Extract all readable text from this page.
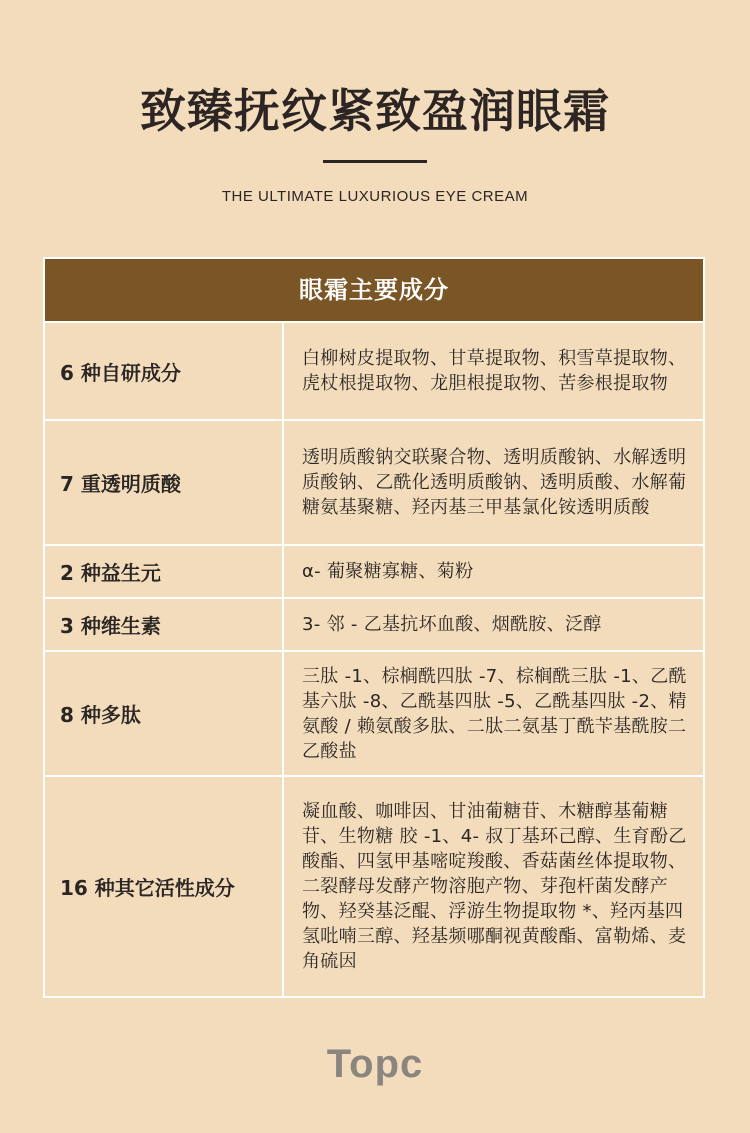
致臻抚纹紧致盈润眼霜
THE ULTIMATE LUXURIOUS EYE CREAM
眼霜主要成分
6 种自研成分
白柳树皮提取物、甘草提取物、积雪草提取物、虎杖根提取物、龙胆根提取物、苦参根提取物
7 重透明质酸
透明质酸钠交联聚合物、透明质酸钠、水解透明质酸钠、乙酰化透明质酸钠、透明质酸、水解葡糖氨基聚糖、羟丙基三甲基氯化铵透明质酸
2 种益生元	α- 葡聚糖寡糖、菊粉
3 种维生素	3- 邻 - 乙基抗坏血酸、烟酰胺、泛醇
8 种多肽
三肽 -1、棕榈酰四肽 -7、棕榈酰三肽 -1、乙酰基六肽 -8、乙酰基四肽 -5、乙酰基四肽 -2、精氨酸 / 赖氨酸多肽、二肽二氨基丁酰苄基酰胺二乙酸盐
16 种其它活性成分
凝血酸、咖啡因、甘油葡糖苷、木糖醇基葡糖苷、生物糖 胶 -1、4- 叔丁基环己醇、生育酚乙酸酯、四氢甲基嘧啶羧酸、香菇菌丝体提取物、二裂酵母发酵产物溶胞产物、芽孢杆菌发酵产物、羟癸基泛醌、浮游生物提取物 *、羟丙基四氢吡喃三醇、羟基频哪酮视黄酸酯、富勒烯、麦角硫因
Topc
